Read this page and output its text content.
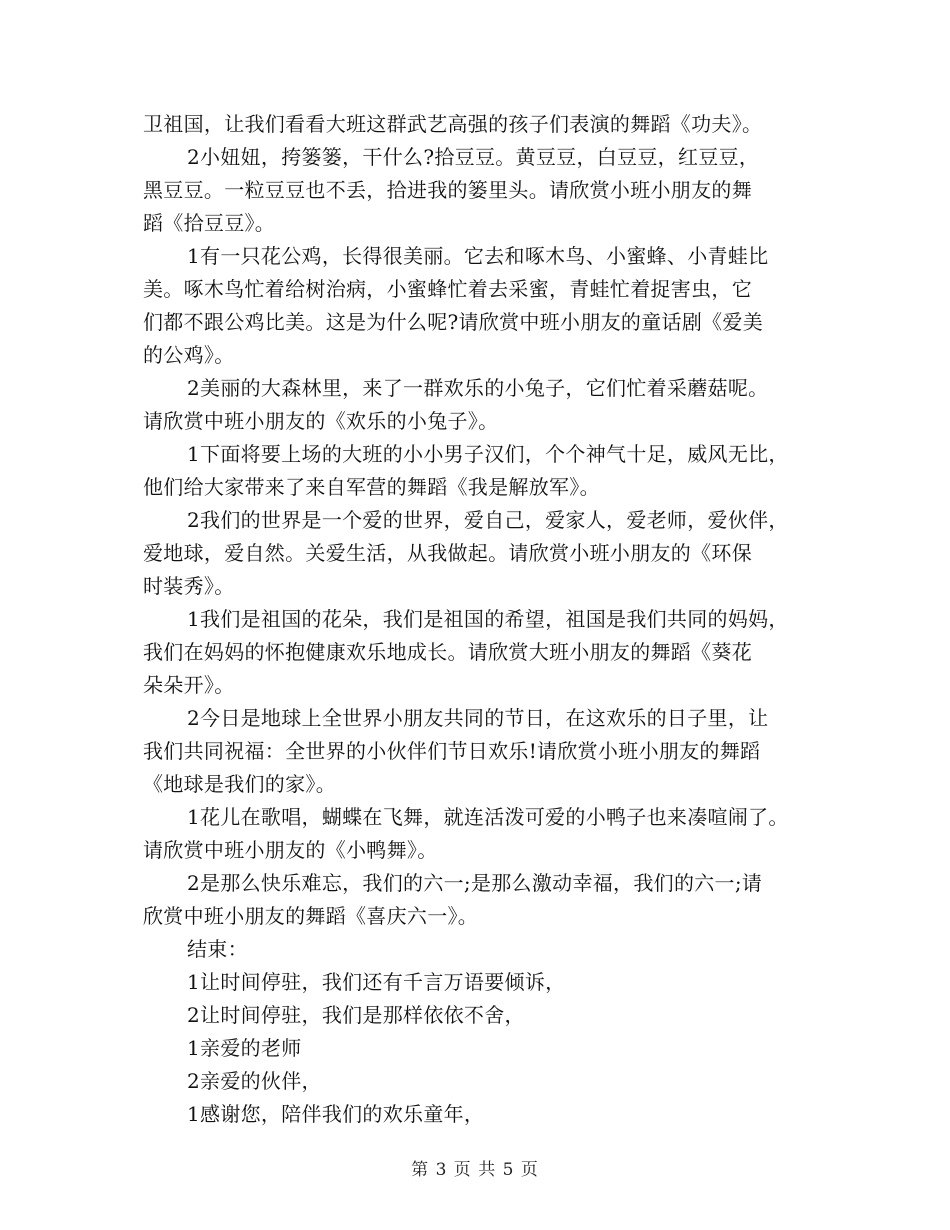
卫祖国，让我们看看大班这群武艺高强的孩子们表演的舞蹈《功夫》。
2小妞妞，挎篓篓，干什么?拾豆豆。黄豆豆，白豆豆，红豆豆，
黑豆豆。一粒豆豆也不丢，拾进我的篓里头。请欣赏小班小朋友的舞
蹈《拾豆豆》。
1有一只花公鸡，长得很美丽。它去和啄木鸟、小蜜蜂、小青蛙比
美。啄木鸟忙着给树治病，小蜜蜂忙着去采蜜，青蛙忙着捉害虫，它
们都不跟公鸡比美。这是为什么呢?请欣赏中班小朋友的童话剧《爱美
的公鸡》。
2美丽的大森林里，来了一群欢乐的小兔子，它们忙着采蘑菇呢。
请欣赏中班小朋友的《欢乐的小兔子》。
1下面将要上场的大班的小小男子汉们，个个神气十足，威风无比，
他们给大家带来了来自军营的舞蹈《我是解放军》。
2我们的世界是一个爱的世界，爱自己，爱家人，爱老师，爱伙伴，
爱地球，爱自然。关爱生活，从我做起。请欣赏小班小朋友的《环保
时装秀》。
1我们是祖国的花朵，我们是祖国的希望，祖国是我们共同的妈妈，
我们在妈妈的怀抱健康欢乐地成长。请欣赏大班小朋友的舞蹈《葵花
朵朵开》。
2今日是地球上全世界小朋友共同的节日，在这欢乐的日子里，让
我们共同祝福：全世界的小伙伴们节日欢乐!请欣赏小班小朋友的舞蹈
《地球是我们的家》。
1花儿在歌唱，蝴蝶在飞舞，就连活泼可爱的小鸭子也来凑喧闹了。
请欣赏中班小朋友的《小鸭舞》。
2是那么快乐难忘，我们的六一;是那么激动幸福，我们的六一;请
欣赏中班小朋友的舞蹈《喜庆六一》。
结束：
1让时间停驻，我们还有千言万语要倾诉，
2让时间停驻，我们是那样依依不舍，
1亲爱的老师
2亲爱的伙伴，
1感谢您，陪伴我们的欢乐童年，
第 3 页 共 5 页
